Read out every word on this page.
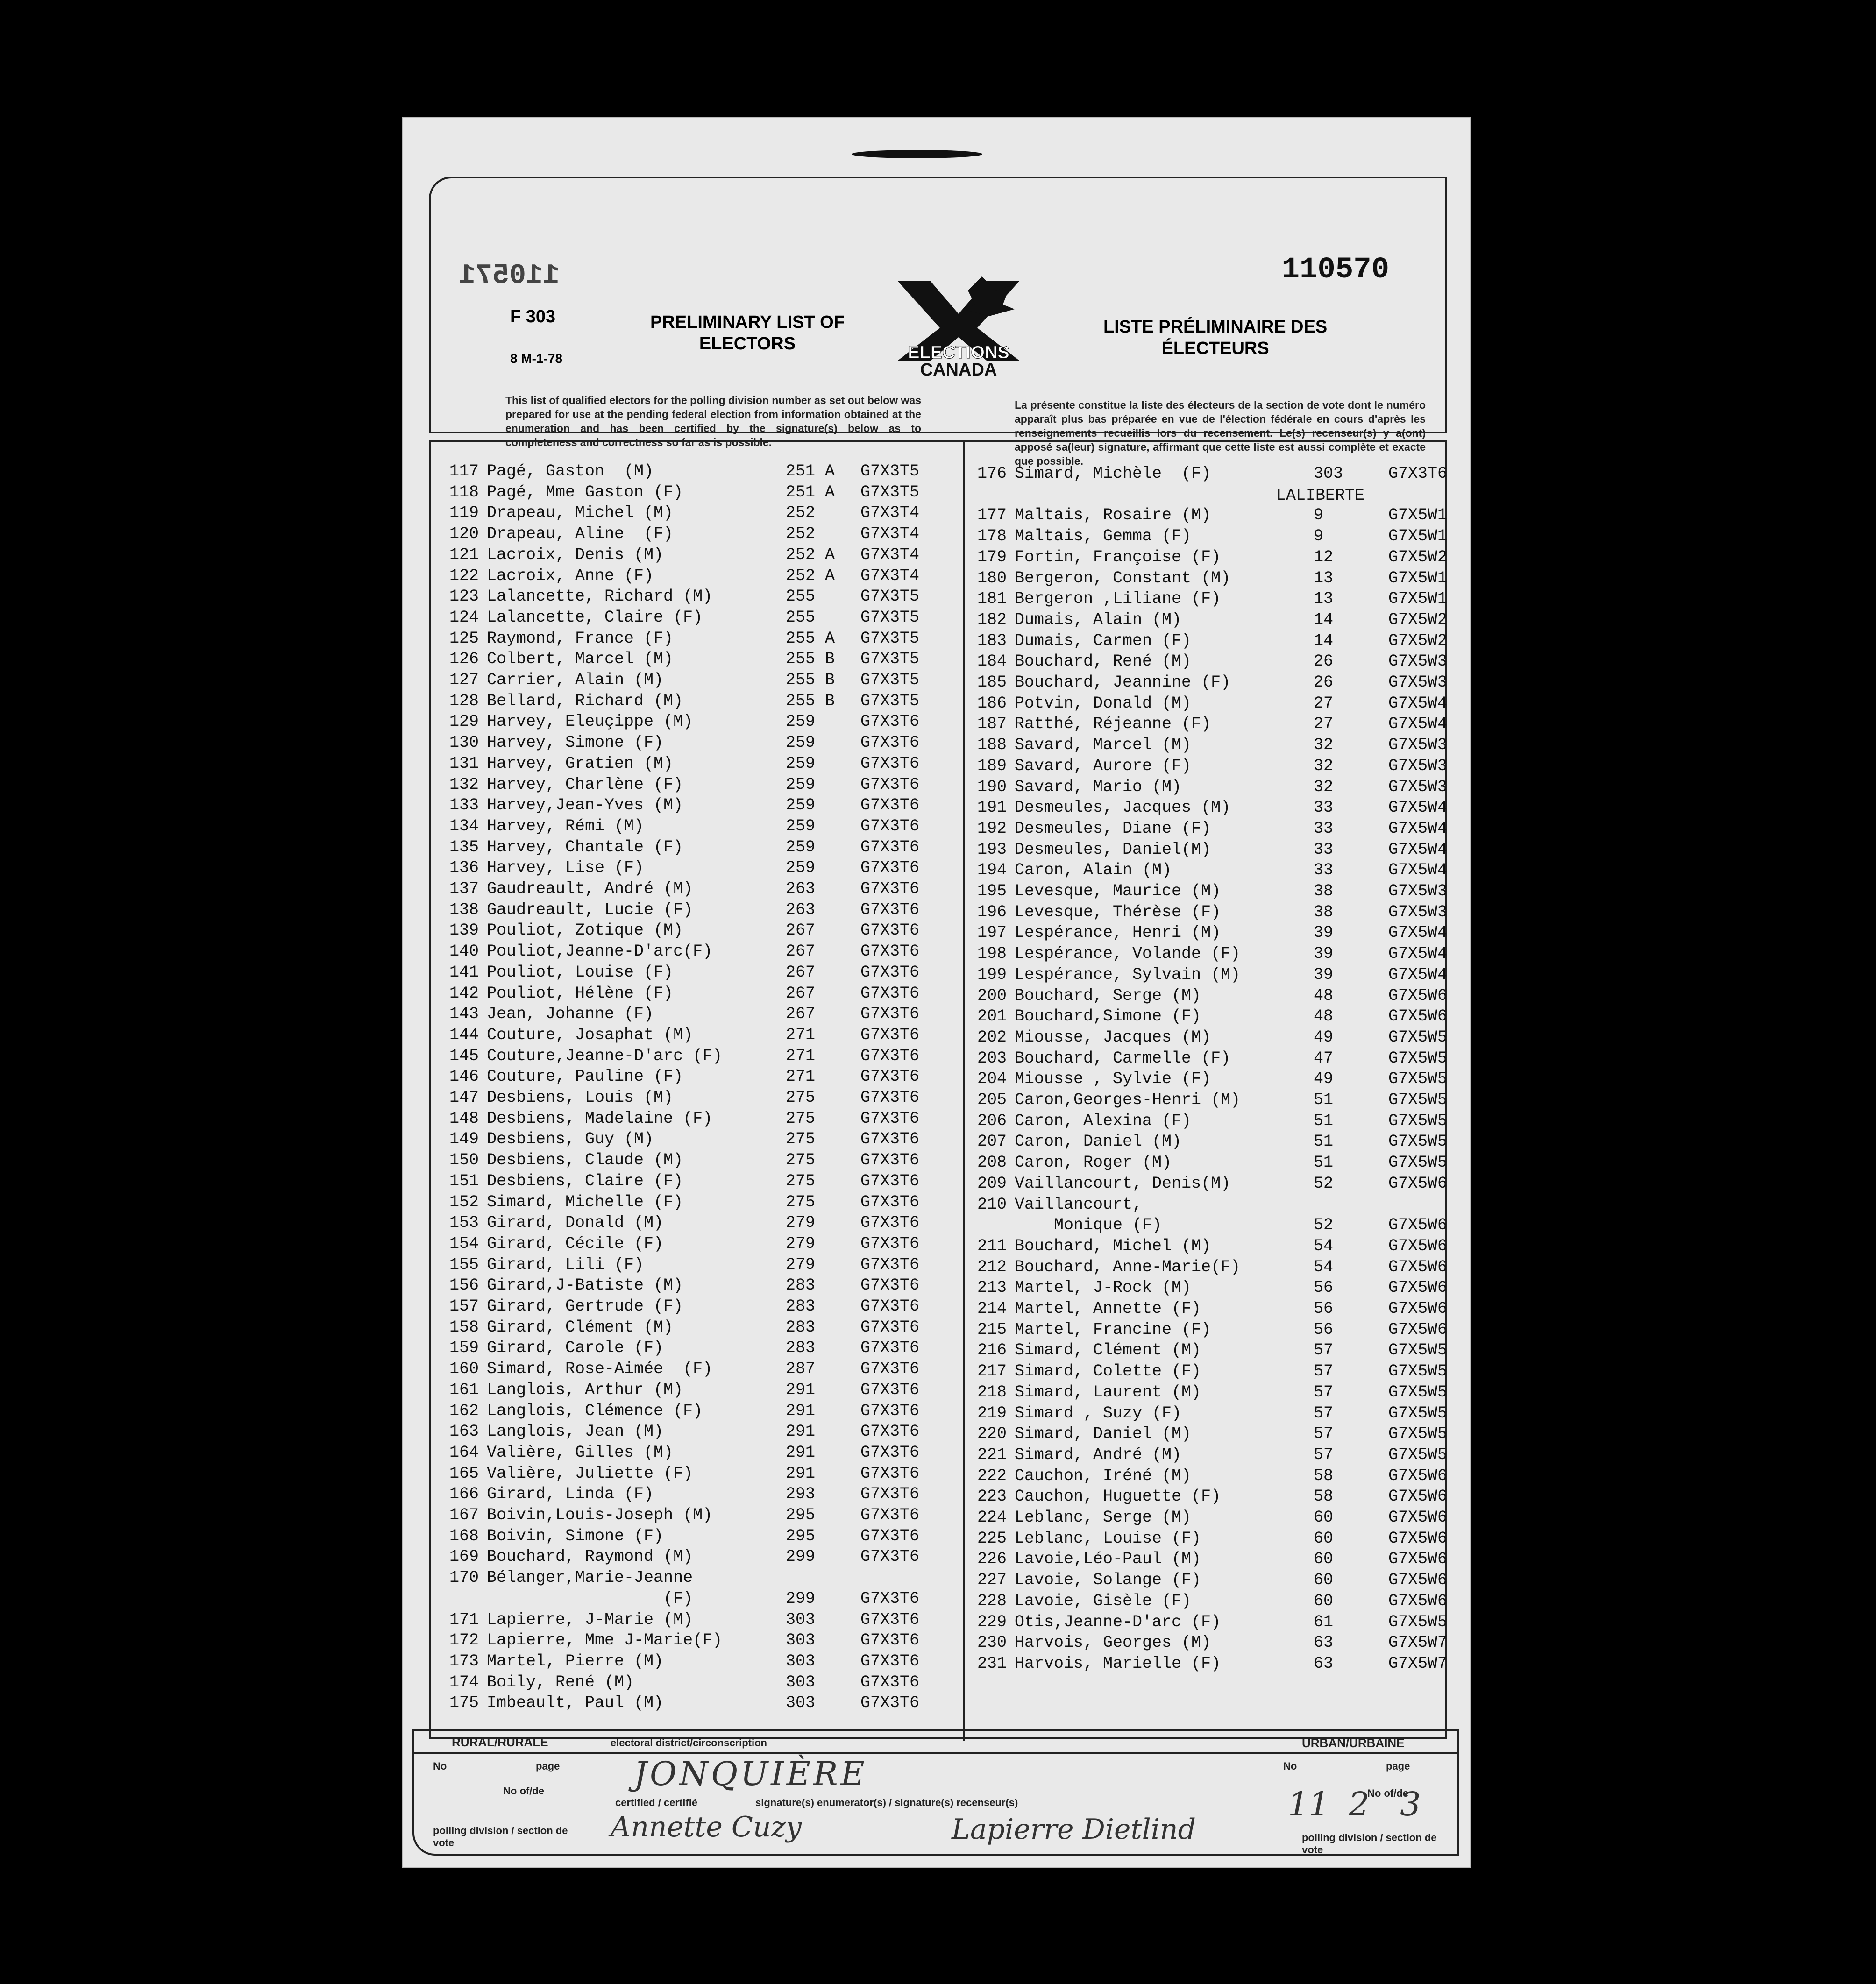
110571	110570
F 303
8 M-1-78
PRELIMINARY LIST OF
ELECTORS	ELECTIONS
CANADA
LISTE PRÉLIMINAIRE DES
ÉLECTEURS
This list of qualified electors for the polling division number as set out below was prepared for use at the pending federal election from information obtained at the enumeration and has been certified by the signature(s) below as to completeness and correctness so far as is possible.
La présente constitue la liste des électeurs de la section de vote dont le numéro apparaît plus bas préparée en vue de l'élection fédérale en cours d'après les renseignements recueillis lors du recensement. Le(s) recenseur(s) y a(ont) apposé sa(leur) signature, affirmant que cette liste est aussi complète et exacte que possible.
117 Pagé, Gaston  (M)	251 A G7X3T5
118 Pagé, Mme Gaston (F)	251 A G7X3T5
119 Drapeau, Michel (M)	252	G7X3T4
120 Drapeau, Aline  (F)	252	G7X3T4
121 Lacroix, Denis (M)	252 A G7X3T4
122 Lacroix, Anne (F)	252 A G7X3T4
123 Lalancette, Richard (M)	255	G7X3T5
124 Lalancette, Claire (F)	255	G7X3T5
125 Raymond, France (F)	255 A G7X3T5
126 Colbert, Marcel (M)	255 B G7X3T5
127 Carrier, Alain (M)	255 B G7X3T5
128 Bellard, Richard (M)	255 B G7X3T5
129 Harvey, Eleuçippe (M)	259	G7X3T6
130 Harvey, Simone (F)	259	G7X3T6
131 Harvey, Gratien (M)	259	G7X3T6
132 Harvey, Charlène (F)	259	G7X3T6
133 Harvey,Jean-Yves (M)	259	G7X3T6
134 Harvey, Rémi (M)	259	G7X3T6
135 Harvey, Chantale (F)	259	G7X3T6
136 Harvey, Lise (F)	259	G7X3T6
137 Gaudreault, André (M)	263	G7X3T6
138 Gaudreault, Lucie (F)	263	G7X3T6
139 Pouliot, Zotique (M)	267	G7X3T6
140 Pouliot,Jeanne-D'arc(F)	267	G7X3T6
141 Pouliot, Louise (F)	267	G7X3T6
142 Pouliot, Hélène (F)	267	G7X3T6
143 Jean, Johanne (F)	267	G7X3T6
144 Couture, Josaphat (M)	271	G7X3T6
145 Couture,Jeanne-D'arc (F)	271	G7X3T6
146 Couture, Pauline (F)	271	G7X3T6
147 Desbiens, Louis (M)	275	G7X3T6
148 Desbiens, Madelaine (F)	275	G7X3T6
149 Desbiens, Guy (M)	275	G7X3T6
150 Desbiens, Claude (M)	275	G7X3T6
151 Desbiens, Claire (F)	275	G7X3T6
152 Simard, Michelle (F)	275	G7X3T6
153 Girard, Donald (M)	279	G7X3T6
154 Girard, Cécile (F)	279	G7X3T6
155 Girard, Lili (F)	279	G7X3T6
156 Girard,J-Batiste (M)	283	G7X3T6
157 Girard, Gertrude (F)	283	G7X3T6
158 Girard, Clément (M)	283	G7X3T6
159 Girard, Carole (F)	283	G7X3T6
160 Simard, Rose-Aimée  (F)	287	G7X3T6
161 Langlois, Arthur (M)	291	G7X3T6
162 Langlois, Clémence (F)	291	G7X3T6
163 Langlois, Jean (M)	291	G7X3T6
164 Valière, Gilles (M)	291	G7X3T6
165 Valière, Juliette (F)	291	G7X3T6
166 Girard, Linda (F)	293	G7X3T6
167 Boivin,Louis-Joseph (M)	295	G7X3T6
168 Boivin, Simone (F)	295	G7X3T6
169 Bouchard, Raymond (M)	299	G7X3T6
170 Bélanger,Marie-Jeanne
(F)	299	G7X3T6
171 Lapierre, J-Marie (M)	303	G7X3T6
172 Lapierre, Mme J-Marie(F)	303	G7X3T6
173 Martel, Pierre (M)	303	G7X3T6
174 Boily, René (M)	303	G7X3T6
175 Imbeault, Paul (M)	303	G7X3T6
176 Simard, Michèle  (F)	303	G7X3T6
LALIBERTE
177 Maltais, Rosaire (M)	9	G7X5W1
178 Maltais, Gemma (F)	9	G7X5W1
179 Fortin, Françoise (F)	12	G7X5W2
180 Bergeron, Constant (M)	13	G7X5W1
181 Bergeron ,Liliane (F)	13	G7X5W1
182 Dumais, Alain (M)	14	G7X5W2
183 Dumais, Carmen (F)	14	G7X5W2
184 Bouchard, René (M)	26	G7X5W3
185 Bouchard, Jeannine (F)	26	G7X5W3
186 Potvin, Donald (M)	27	G7X5W4
187 Ratthé, Réjeanne (F)	27	G7X5W4
188 Savard, Marcel (M)	32	G7X5W3
189 Savard, Aurore (F)	32	G7X5W3
190 Savard, Mario (M)	32	G7X5W3
191 Desmeules, Jacques (M)	33	G7X5W4
192 Desmeules, Diane (F)	33	G7X5W4
193 Desmeules, Daniel(M)	33	G7X5W4
194 Caron, Alain (M)	33	G7X5W4
195 Levesque, Maurice (M)	38	G7X5W3
196 Levesque, Thérèse (F)	38	G7X5W3
197 Lespérance, Henri (M)	39	G7X5W4
198 Lespérance, Volande (F)	39	G7X5W4
199 Lespérance, Sylvain (M)	39	G7X5W4
200 Bouchard, Serge (M)	48	G7X5W6
201 Bouchard,Simone (F)	48	G7X5W6
202 Miousse, Jacques (M)	49	G7X5W5
203 Bouchard, Carmelle (F)	47	G7X5W5
204 Miousse , Sylvie (F)	49	G7X5W5
205 Caron,Georges-Henri (M)	51	G7X5W5
206 Caron, Alexina (F)	51	G7X5W5
207 Caron, Daniel (M)	51	G7X5W5
208 Caron, Roger (M)	51	G7X5W5
209 Vaillancourt, Denis(M)	52	G7X5W6
210 Vaillancourt,
Monique (F)	52	G7X5W6
211 Bouchard, Michel (M)	54	G7X5W6
212 Bouchard, Anne-Marie(F)	54	G7X5W6
213 Martel, J-Rock (M)	56	G7X5W6
214 Martel, Annette (F)	56	G7X5W6
215 Martel, Francine (F)	56	G7X5W6
216 Simard, Clément (M)	57	G7X5W5
217 Simard, Colette (F)	57	G7X5W5
218 Simard, Laurent (M)	57	G7X5W5
219 Simard , Suzy (F)	57	G7X5W5
220 Simard, Daniel (M)	57	G7X5W5
221 Simard, André (M)	57	G7X5W5
222 Cauchon, Iréné (M)	58	G7X5W6
223 Cauchon, Huguette (F)	58	G7X5W6
224 Leblanc, Serge (M)	60	G7X5W6
225 Leblanc, Louise (F)	60	G7X5W6
226 Lavoie,Léo-Paul (M)	60	G7X5W6
227 Lavoie, Solange (F)	60	G7X5W6
228 Lavoie, Gisèle (F)	60	G7X5W6
229 Otis,Jeanne-D'arc (F)	61	G7X5W5
230 Harvois, Georges (M)	63	G7X5W7
231 Harvois, Marielle (F)	63	G7X5W7
RURAL/RURALE	electoral district/circonscription	URBAN/URBAINE
No	page
No of/de
certified / certifié	signature(s) enumerator(s) / signature(s) recenseur(s)
polling division / section de vote
JONQUIÈRE
Annette Cuzy	Lapierre Dietlind
No	page
No of/de
polling division / section de vote
11 2 3
